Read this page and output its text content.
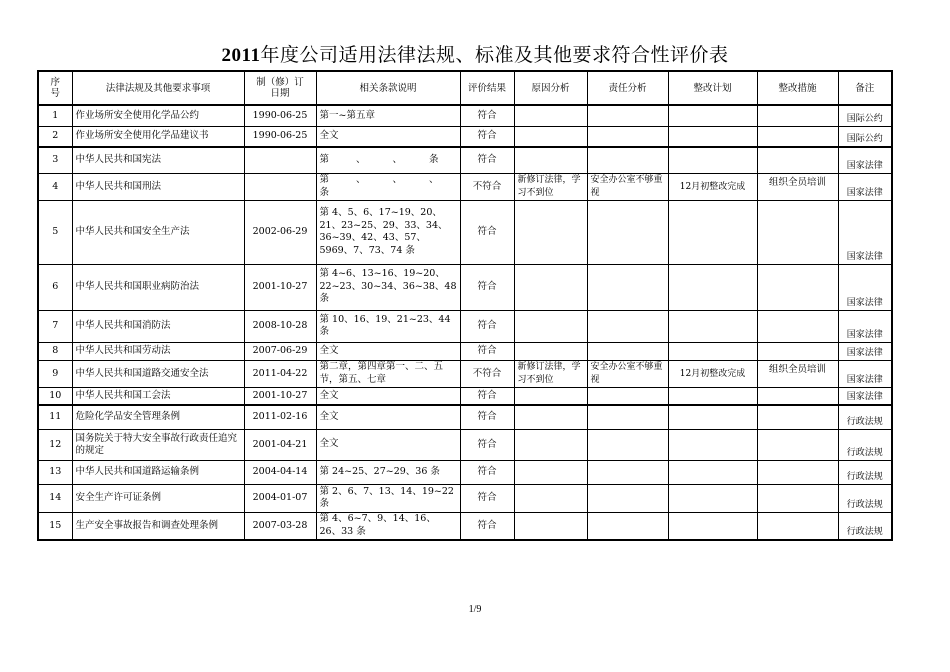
2011年度公司适用法律法规、标准及其他要求符合性评价表
序号	法律法规及其他要求事项	制（修）订日期	相关条款说明	评价结果	原因分析	责任分析	整改计划	整改措施	备注
1	作业场所安全使用化学品公约	1990-06-25	第一~第五章	符合					国际公约
2	作业场所安全使用化学品建议书	1990-06-25	全文	符合					国际公约
3	中华人民共和国宪法		第 、 、 条	符合					国家法律
4	中华人民共和国刑法		第 、 、 、 条	不符合	新修订法律，学习不到位	安全办公室不够重视	12月初整改完成	组织全员培训	国家法律
5	中华人民共和国安全生产法	2002-06-29	第 4、5、6、17~19、20、21、23~25、29、33、34、36~39、42、43、57、5969、7、73、74 条	符合					国家法律
6	中华人民共和国职业病防治法	2001-10-27	第 4~6、13~16、19~20、22~23、30~34、36~38、48 条	符合					国家法律
7	中华人民共和国消防法	2008-10-28	第 10、16、19、21~23、44 条	符合					国家法律
8	中华人民共和国劳动法	2007-06-29	全文	符合					国家法律
9	中华人民共和国道路交通安全法	2011-04-22	第二章，第四章第一、二、五节，第五、七章	不符合	新修订法律，学习不到位	安全办公室不够重视	12月初整改完成	组织全员培训	国家法律
10	中华人民共和国工会法	2001-10-27	全文	符合					国家法律
11	危险化学品安全管理条例	2011-02-16	全文	符合					行政法规
12	国务院关于特大安全事故行政责任追究的规定	2001-04-21	全文	符合					行政法规
13	中华人民共和国道路运输条例	2004-04-14	第 24~25、27~29、36 条	符合					行政法规
14	安全生产许可证条例	2004-01-07	第 2、6、7、13、14、19~22 条	符合					行政法规
15	生产安全事故报告和调查处理条例	2007-03-28	第 4、6~7、9、14、16、26、33 条	符合					行政法规
1/9
